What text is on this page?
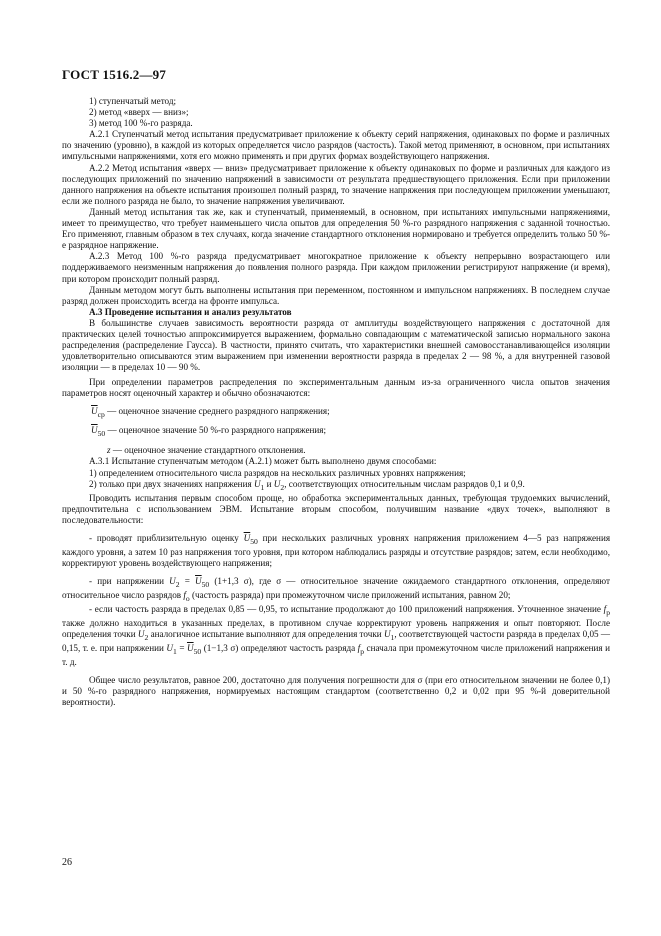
ГОСТ 1516.2—97

1) ступенчатый метод;

2) метод «вверх — вниз»;

3) метод 100 %-го разряда.

A.2.1 Ступенчатый метод испытания предусматривает приложение к объекту серий напряжения, одинаковых по форме и различных по значению (уровню), в каждой из которых определяется число разрядов (частость). Такой метод применяют, в основном, при испытаниях импульсными напряжениями, хотя его можно применять и при других формах воздействующего напряжения.

A.2.2 Метод испытания «вверх — вниз» предусматривает приложение к объекту одинаковых по форме и различных для каждого из последующих приложений по значению напряжений в зависимости от результата предшествующего приложения. Если при приложении данного напряжения на объекте испытания произошел полный разряд, то значение напряжения при последующем приложении уменьшают, если же полного разряда не было, то значение напряжения увеличивают.

Данный метод испытания так же, как и ступенчатый, применяемый, в основном, при испытаниях импульсными напряжениями, имеет то преимущество, что требует наименьшего числа опытов для определения 50 %-го разрядного напряжения с заданной точностью. Его применяют, главным образом в тех случаях, когда значение стандартного отклонения нормировано и требуется определить только 50 %-е разрядное напряжение.

A.2.3 Метод 100 %-го разряда предусматривает многократное приложение к объекту непрерывно возрастающего или поддерживаемого неизменным напряжения до появления полного разряда. При каждом приложении регистрируют напряжение (и время), при котором происходит полный разряд.

Данным методом могут быть выполнены испытания при переменном, постоянном и импульсном напряжениях. В последнем случае разряд должен происходить всегда на фронте импульса.

A.3 Проведение испытания и анализ результатов

В большинстве случаев зависимость вероятности разряда от амплитуды воздействующего напряжения с достаточной для практических целей точностью аппроксимируется выражением, формально совпадающим с математической записью нормального закона распределения (распределение Гаусса). В частности, принято считать, что характеристики внешней самовосстанавливающейся изоляции удовлетворительно описываются этим выражением при изменении вероятности разряда в пределах 2 — 98 %, а для внутренней газовой изоляции — в пределах 10 — 90 %.

При определении параметров распределения по экспериментальным данным из-за ограниченного числа опытов значения параметров носят оценочный характер и обычно обозначаются:

$\overline{U}_{ср}$ — оценочное значение среднего разрядного напряжения;

$\overline{U}_{50}$ — оценочное значение 50 %-го разрядного напряжения;

z — оценочное значение стандартного отклонения.

A.3.1 Испытание ступенчатым методом (A.2.1) может быть выполнено двумя способами:

1) определением относительного числа разрядов на нескольких различных уровнях напряжения;

2) только при двух значениях напряжения $U_1$ и $U_2$, соответствующих относительным числам разрядов 0,1 и 0,9.

Проводить испытания первым способом проще, но обработка экспериментальных данных, требующая трудоемких вычислений, предпочтительна с использованием ЭВМ. Испытание вторым способом, получившим название «двух точек», выполняют в последовательности:

- проводят приблизительную оценку $\overline{U}_{50}$ при нескольких различных уровнях напряжения приложением 4—5 раз напряжения каждого уровня, а затем 10 раз напряжения того уровня, при котором наблюдались разряды и отсутствие разрядов; затем, если необходимо, корректируют уровень воздействующего напряжения;

- при напряжении $U_2 = \overline{U}_{50}$ (1+1,3 σ), где σ — относительное значение ожидаемого стандартного отклонения, определяют относительное число разрядов $f_о$ (частость разряда) при промежуточном числе приложений испытания, равном 20;

- если частость разряда в пределах 0,85 — 0,95, то испытание продолжают до 100 приложений напряжения. Уточненное значение $f_р$ также должно находиться в указанных пределах, в противном случае корректируют уровень напряжения и опыт повторяют. После определения точки $U_2$ аналогичное испытание выполняют для определения точки $U_1$, соответствующей частости разряда в пределах 0,05 — 0,15, т. е. при напряжении $U_1 = \overline{U}_{50}$ (1−1,3 σ) определяют частость разряда $f_р$ сначала при промежуточном числе приложений напряжения и т. д.

Общее число результатов, равное 200, достаточно для получения погрешности для σ (при его относительном значении не более 0,1) и 50 %-го разрядного напряжения, нормируемых настоящим стандартом (соответственно 0,2 и 0,02 при 95 %-й доверительной вероятности).

26
